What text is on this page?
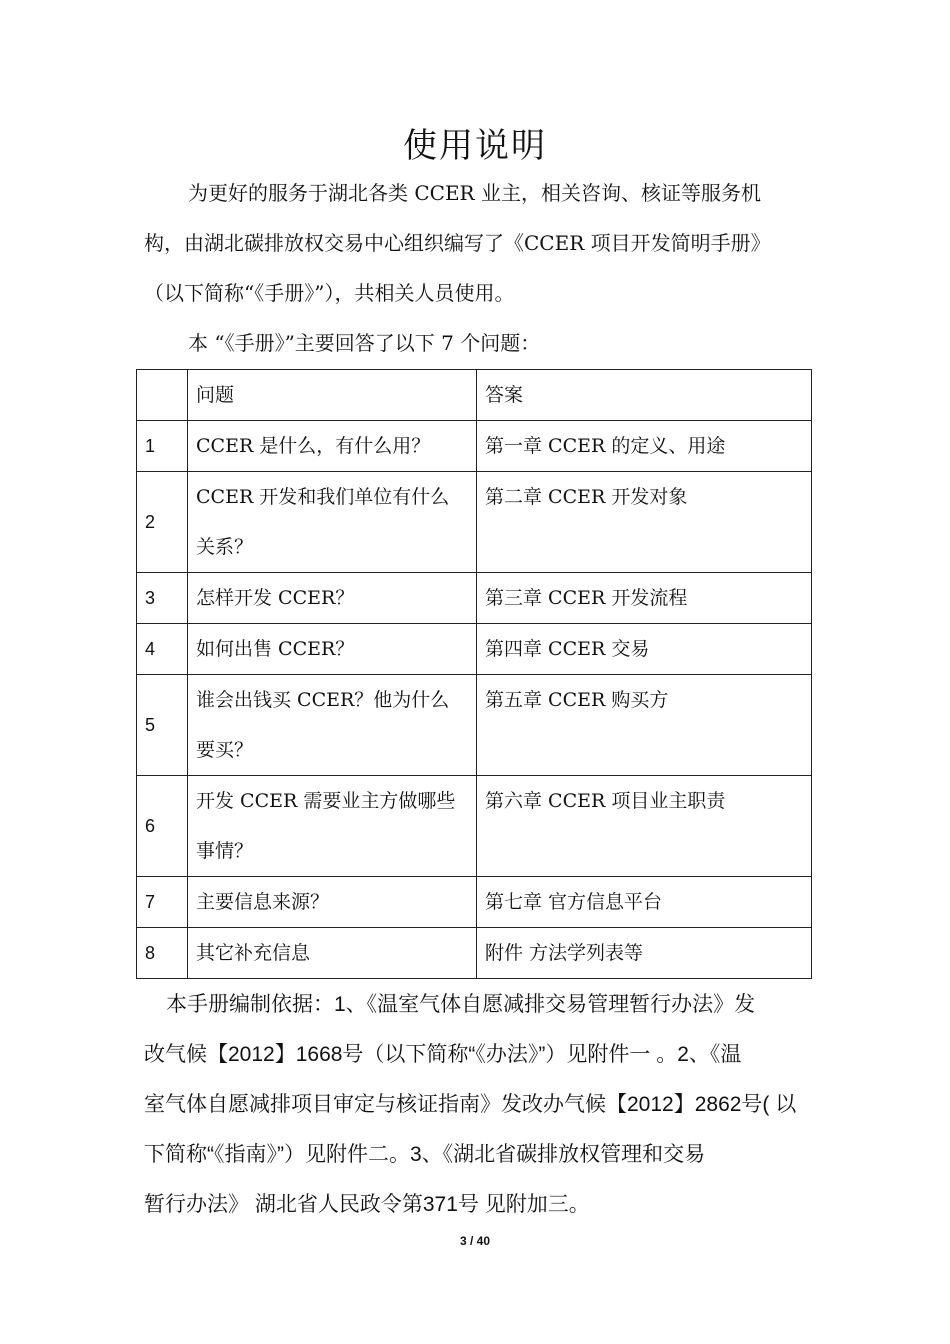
使用说明
为更好的服务于湖北各类 CCER 业主，相关咨询、核证等服务机
构，由湖北碳排放权交易中心组织编写了《CCER 项目开发简明手册》
（以下简称“《手册》”），共相关人员使用。
本 “《手册》”主要回答了以下 7 个问题：
	问题	答案
1	CCER 是什么，有什么用？	第一章 CCER 的定义、用途
2	CCER 开发和我们单位有什么关系？	第二章 CCER 开发对象
3	怎样开发 CCER？	第三章 CCER 开发流程
4	如何出售 CCER？	第四章 CCER 交易
5	谁会出钱买 CCER？他为什么要买？	第五章 CCER 购买方
6	开发 CCER 需要业主方做哪些事情？	第六章 CCER 项目业主职责
7	主要信息来源？	第七章 官方信息平台
8	其它补充信息	附件 方法学列表等
本手册编制依据：1、《温室气体自愿减排交易管理暂行办法》发
改气候【2012】1668号（以下简称“《办法》”）见附件一 。2、《温
室气体自愿减排项目审定与核证指南》发改办气候【2012】2862号( 以
下简称“《指南》”）见附件二。3、《湖北省碳排放权管理和交易
暂行办法》 湖北省人民政令第371号 见附加三。
3 / 40
